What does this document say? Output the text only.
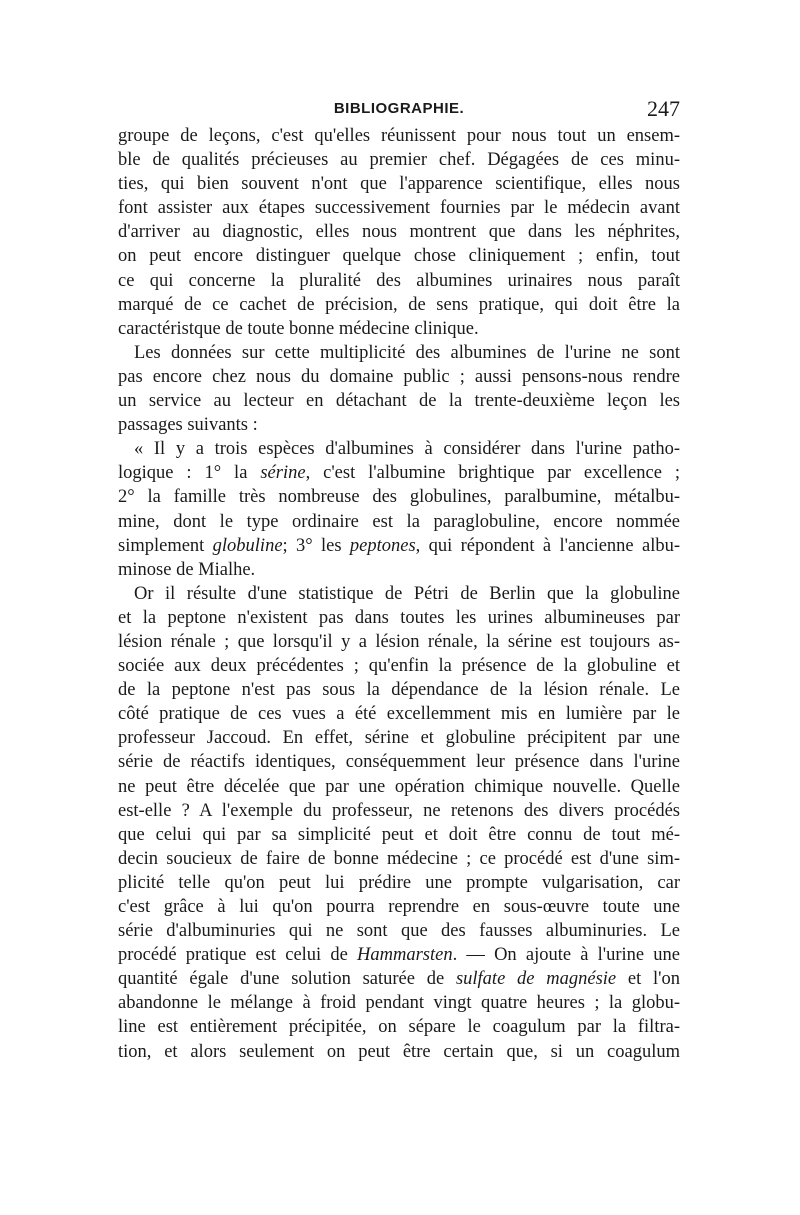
BIBLIOGRAPHIE.	247
groupe de leçons, c'est qu'elles réunissent pour nous tout un ensem-
ble de qualités précieuses au premier chef. Dégagées de ces minu-
ties, qui bien souvent n'ont que l'apparence scientifique, elles nous
font assister aux étapes successivement fournies par le médecin avant
d'arriver au diagnostic, elles nous montrent que dans les néphrites,
on peut encore distinguer quelque chose cliniquement ; enfin, tout
ce qui concerne la pluralité des albumines urinaires nous paraît
marqué de ce cachet de précision, de sens pratique, qui doit être la
caractéristque de toute bonne médecine clinique.
Les données sur cette multiplicité des albumines de l'urine ne sont
pas encore chez nous du domaine public ; aussi pensons-nous rendre
un service au lecteur en détachant de la trente-deuxième leçon les
passages suivants :
« Il y a trois espèces d'albumines à considérer dans l'urine patho-
logique : 1° la sérine, c'est l'albumine brightique par excellence ;
2° la famille très nombreuse des globulines, paralbumine, métalbu-
mine, dont le type ordinaire est la paraglobuline, encore nommée
simplement globuline; 3° les peptones, qui répondent à l'ancienne albu-
minose de Mialhe.
Or il résulte d'une statistique de Pétri de Berlin que la globuline
et la peptone n'existent pas dans toutes les urines albumineuses par
lésion rénale ; que lorsqu'il y a lésion rénale, la sérine est toujours as-
sociée aux deux précédentes ; qu'enfin la présence de la globuline et
de la peptone n'est pas sous la dépendance de la lésion rénale. Le
côté pratique de ces vues a été excellemment mis en lumière par le
professeur Jaccoud. En effet, sérine et globuline précipitent par une
série de réactifs identiques, conséquemment leur présence dans l'urine
ne peut être décelée que par une opération chimique nouvelle. Quelle
est-elle ? A l'exemple du professeur, ne retenons des divers procédés
que celui qui par sa simplicité peut et doit être connu de tout mé-
decin soucieux de faire de bonne médecine ; ce procédé est d'une sim-
plicité telle qu'on peut lui prédire une prompte vulgarisation, car
c'est grâce à lui qu'on pourra reprendre en sous-œuvre toute une
série d'albuminuries qui ne sont que des fausses albuminuries. Le
procédé pratique est celui de Hammarsten. — On ajoute à l'urine une
quantité égale d'une solution saturée de sulfate de magnésie et l'on
abandonne le mélange à froid pendant vingt quatre heures ; la globu-
line est entièrement précipitée, on sépare le coagulum par la filtra-
tion, et alors seulement on peut être certain que, si un coagulum
